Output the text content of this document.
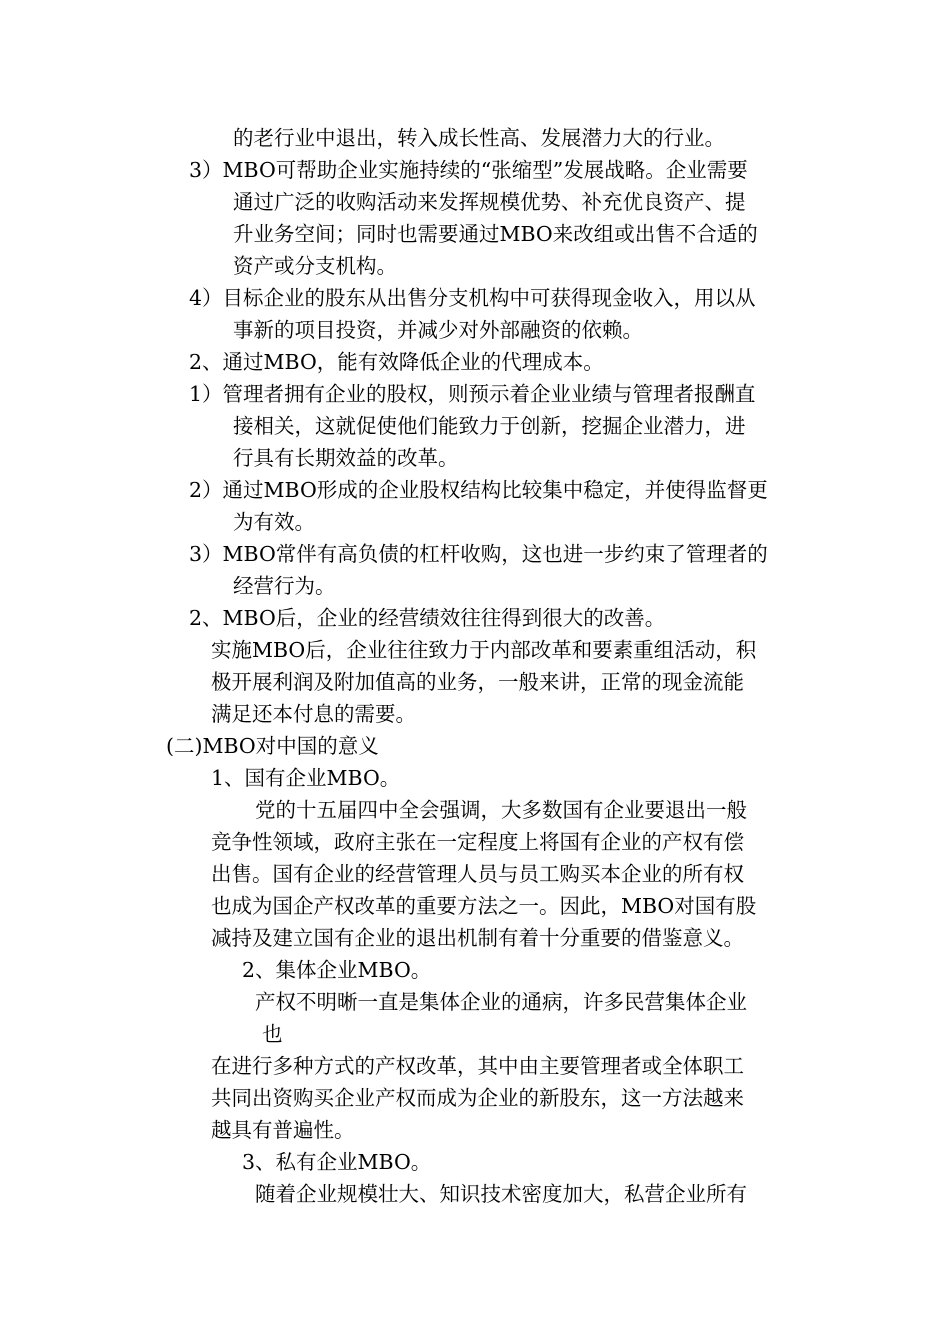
的老行业中退出，转入成长性高、发展潜力大的行业。

3）MBO可帮助企业实施持续的“张缩型”发展战略。企业需要

通过广泛的收购活动来发挥规模优势、补充优良资产、提

升业务空间；同时也需要通过MBO来改组或出售不合适的

资产或分支机构。

4）目标企业的股东从出售分支机构中可获得现金收入，用以从

事新的项目投资，并减少对外部融资的依赖。

2、通过MBO，能有效降低企业的代理成本。

1）管理者拥有企业的股权，则预示着企业业绩与管理者报酬直

接相关，这就促使他们能致力于创新，挖掘企业潜力，进

行具有长期效益的改革。

2）通过MBO形成的企业股权结构比较集中稳定，并使得监督更

为有效。

3）MBO常伴有高负债的杠杆收购，这也进一步约束了管理者的

经营行为。

2、MBO后，企业的经营绩效往往得到很大的改善。

实施MBO后，企业往往致力于内部改革和要素重组活动，积

极开展利润及附加值高的业务，一般来讲，正常的现金流能

满足还本付息的需要。

(二)MBO对中国的意义

1、国有企业MBO。

党的十五届四中全会强调，大多数国有企业要退出一般

竞争性领域，政府主张在一定程度上将国有企业的产权有偿

出售。国有企业的经营管理人员与员工购买本企业的所有权

也成为国企产权改革的重要方法之一。因此，MBO对国有股

减持及建立国有企业的退出机制有着十分重要的借鉴意义。

2、集体企业MBO。

产权不明晰一直是集体企业的通病，许多民营集体企业

也

在进行多种方式的产权改革，其中由主要管理者或全体职工

共同出资购买企业产权而成为企业的新股东，这一方法越来

越具有普遍性。

3、私有企业MBO。

随着企业规模壮大、知识技术密度加大，私营企业所有
